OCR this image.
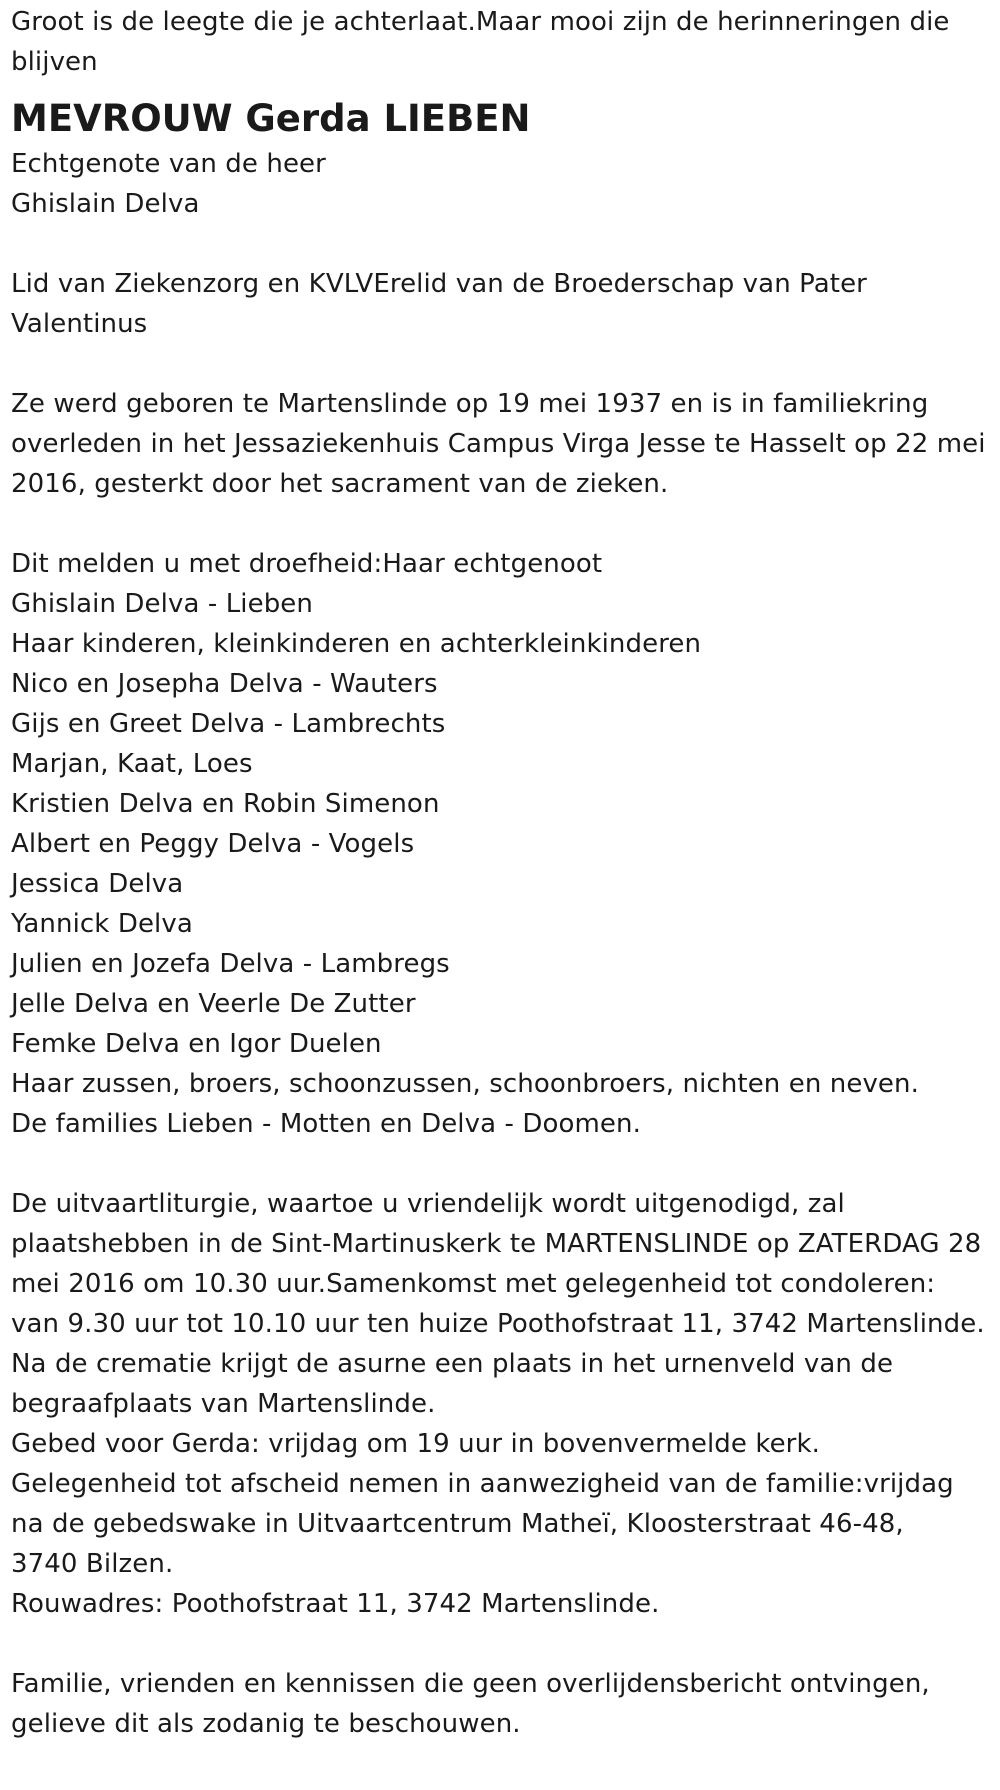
Groot is de leegte die je achterlaat.Maar mooi zijn de herinneringen die

blijven

MEVROUW Gerda LIEBEN

Echtgenote van de heer

Ghislain Delva

Lid van Ziekenzorg en KVLVErelid van de Broederschap van Pater

Valentinus

Ze werd geboren te Martenslinde op 19 mei 1937 en is in familiekring

overleden in het Jessaziekenhuis Campus Virga Jesse te Hasselt op 22 mei

2016, gesterkt door het sacrament van de zieken.

Dit melden u met droefheid:Haar echtgenoot

Ghislain Delva - Lieben

Haar kinderen, kleinkinderen en achterkleinkinderen

Nico en Josepha Delva - Wauters

Gijs en Greet Delva - Lambrechts

Marjan, Kaat, Loes

Kristien Delva en Robin Simenon

Albert en Peggy Delva - Vogels

Jessica Delva

Yannick Delva

Julien en Jozefa Delva - Lambregs

Jelle Delva en Veerle De Zutter

Femke Delva en Igor Duelen

Haar zussen, broers, schoonzussen, schoonbroers, nichten en neven.

De families Lieben - Motten en Delva - Doomen.

De uitvaartliturgie, waartoe u vriendelijk wordt uitgenodigd, zal

plaatshebben in de Sint-Martinuskerk te MARTENSLINDE op ZATERDAG 28

mei 2016 om 10.30 uur.Samenkomst met gelegenheid tot condoleren:

van 9.30 uur tot 10.10 uur ten huize Poothofstraat 11, 3742 Martenslinde.

Na de crematie krijgt de asurne een plaats in het urnenveld van de

begraafplaats van Martenslinde.

Gebed voor Gerda: vrijdag om 19 uur in bovenvermelde kerk.

Gelegenheid tot afscheid nemen in aanwezigheid van de familie:vrijdag

na de gebedswake in Uitvaartcentrum Matheï, Kloosterstraat 46-48,

3740 Bilzen.

Rouwadres: Poothofstraat 11, 3742 Martenslinde.

Familie, vrienden en kennissen die geen overlijdensbericht ontvingen,

gelieve dit als zodanig te beschouwen.
